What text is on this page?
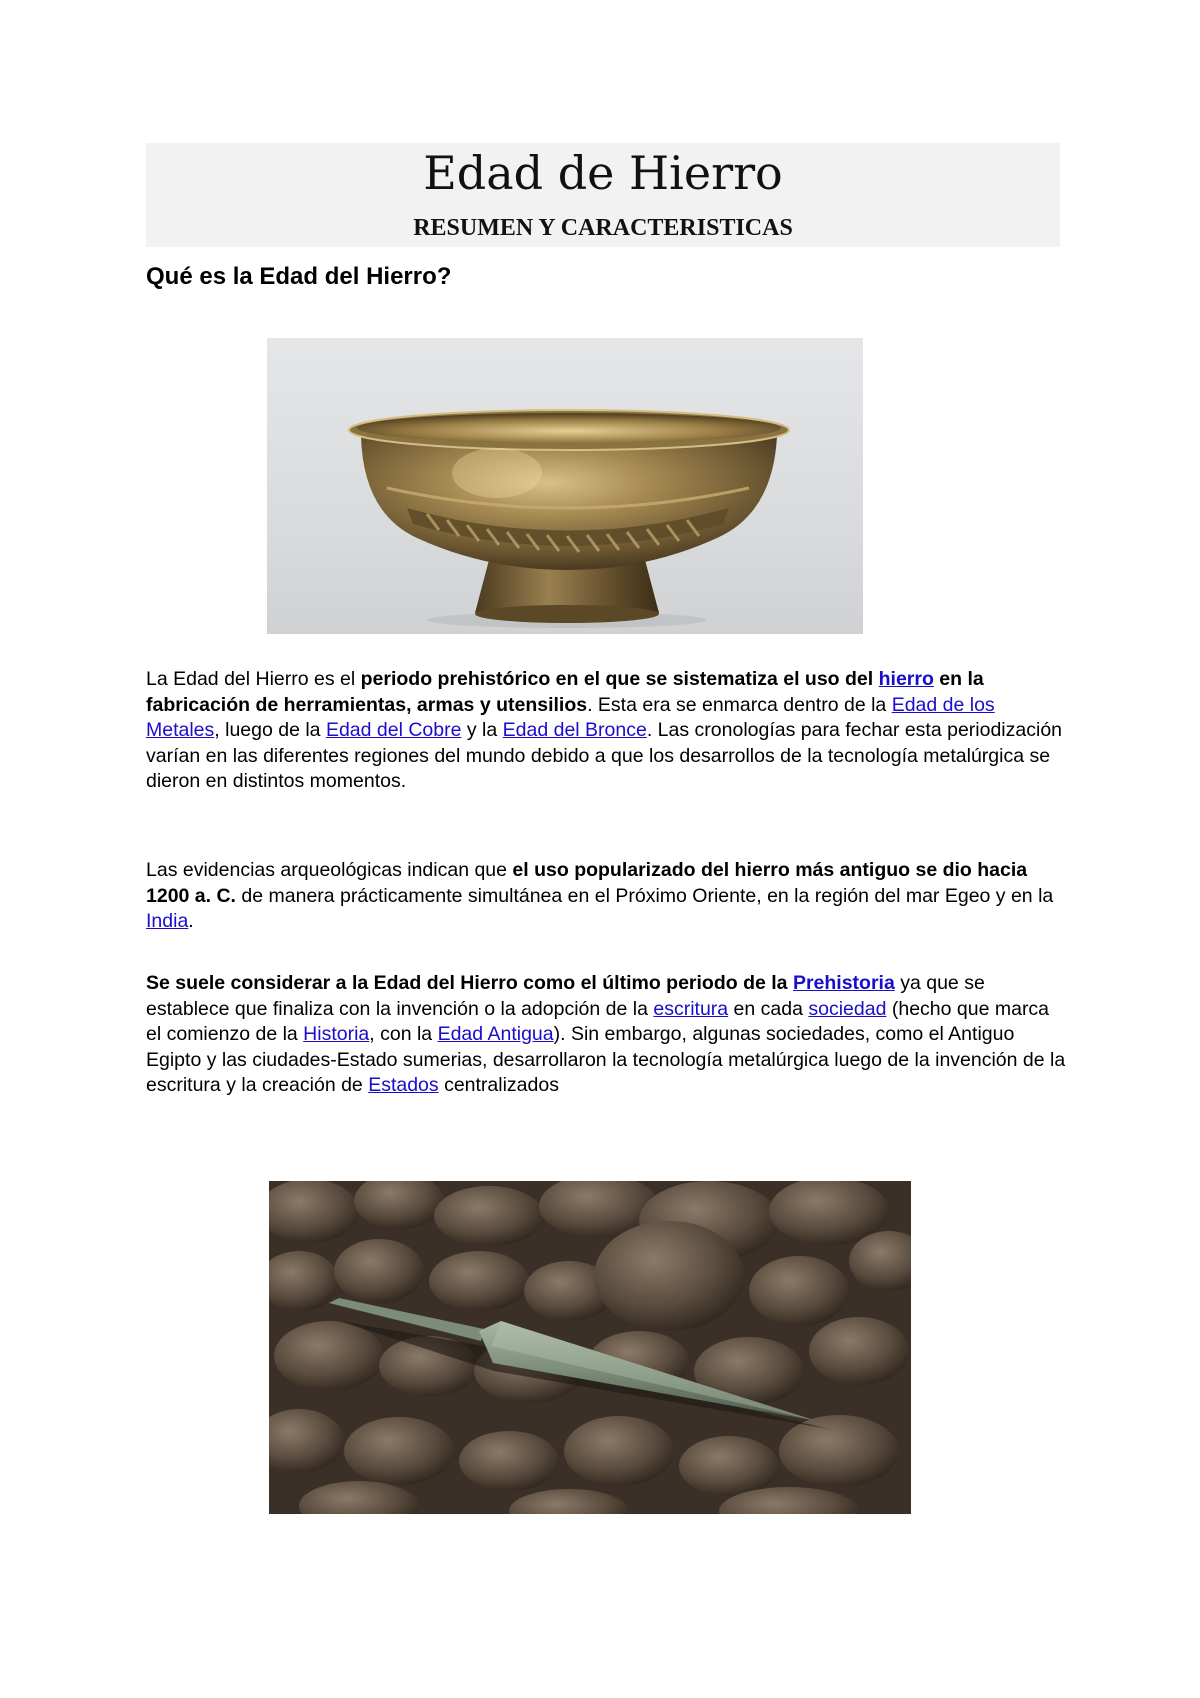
Edad de Hierro
RESUMEN Y CARACTERISTICAS
Qué es la Edad del Hierro?

La Edad del Hierro es el periodo prehistórico en el que se sistematiza el uso del hierro en la fabricación de herramientas, armas y utensilios. Esta era se enmarca dentro de la Edad de los Metales, luego de la Edad del Cobre y la Edad del Bronce. Las cronologías para fechar esta periodización varían en las diferentes regiones del mundo debido a que los desarrollos de la tecnología metalúrgica se dieron en distintos momentos.

Las evidencias arqueológicas indican que el uso popularizado del hierro más antiguo se dio hacia 1200 a. C. de manera prácticamente simultánea en el Próximo Oriente, en la región del mar Egeo y en la India.

Se suele considerar a la Edad del Hierro como el último periodo de la Prehistoria ya que se establece que finaliza con la invención o la adopción de la escritura en cada sociedad (hecho que marca el comienzo de la Historia, con la Edad Antigua). Sin embargo, algunas sociedades, como el Antiguo Egipto y las ciudades-Estado sumerias, desarrollaron la tecnología metalúrgica luego de la invención de la escritura y la creación de Estados centralizados
